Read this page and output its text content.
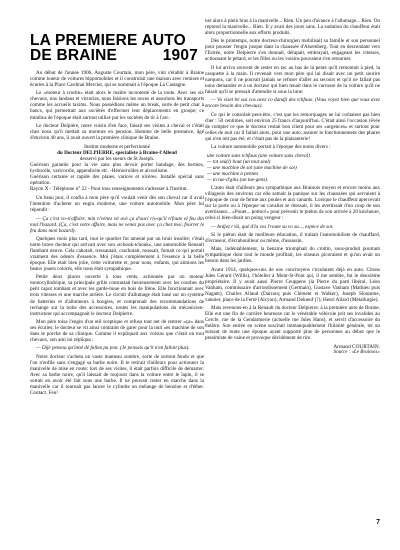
LA PREMIERE AUTO
DE BRAINE	1907

Au début de l'année 1906, Auguste Courtain, mon père, vint s'établir à Braine comme loueur de voitures hippomobiles et il construisit une maison avec remises et écuries à la Place Cardinal Mercier, qui se nommait à l'époque La Castagne.

Le «moteur à crottin» était alors le maître incontesté de la route. Avec ses six chevaux, nos landaus et victorias, nous faisions les noces et assurions les transports comme les accueils taxims. Nous possédions même un break, sorte de petit char à bancs, qui permettait aux sociétés d'effectuer leur déplacements en groupe; ce minibus de l'époque était surtout utilisé par les sociétés de tir à l'arc.

Le docteur Delpière, notre voisin d'en face, faisait ses visites à cheval et c'était chez nous qu'il mettait sa monture en pension. Homme de belle prestance, âgé d'environ 40 ans, il avait ouvert la première clinique de Braine.

Institut moderne et perfectionné
du Docteur DELPIERRE, spécialiste à Braine-l'Alleud
desservi par les soeurs de St Joseph.
Guérison garantie pour la vie sans plus devoir porter bandage, des hernies, hydrocèle, varicocèle, appendicite etc. -Hémorroïdes et alcoolisme.
Guérison certaine et rapide des plaies, varices et ulcères. Installé spécial sans opération.
Rayon X - Téléphone n° 22 - Pour tous renseignements s'adresser à l'Institut.

Un beau jour, il confia à mon père qu'il voulait venir dès son cheval car il avait l'intention d'acheter un engin moderne, une voiture automobile. Mon père lui répondit :

— Ça c'est vo-n'affaire, min n'vénez nè avè ça d'ouci ris-qu'il n'foute el feu din tout l'bazard. (Ça, c'est votre affaire, mais ne venez pas avec ça chez moi, fourrer le feu dans mon bazard).

Quelques mois plus tard, tout le quartier fut ameuté par un bruit insolite; c'était notre brave docteur qui arrivait avec son «tchouk-tchouk», une automobile Renault flambant neuve. Cela cahotait, tressautait, crachotait, toussait, fumait ce qui portait vraiment des odeurs d'essence. Moi j'étais complètement à l'essence à la belle époque. Elle était bien jolie, cette voiturette et, pour nous, enfants, qui aimions les beaux jouets colorés, elle nous était sympathique.

Petite deux places ouverte à tous vents, actionnée par un moteur monocylindrique, sa principale grille contrastait heureusement avec les courbes du petit capot tombant et avec les garde-boue en bois de frêne. Elle fonctionnait avec trois vitesses et une marche arrière. Le circuit d'allumage était basé sur un système de batteries et d'allumeurs à bougies, et comprenait des recommandations de rechange sur la boîte des accessoires, toutes les manipulations du mécanicien-instructeur qui accompagnait le docteur Delpierre.

Mon père toisa l'engin d'un œil sceptique et refusa tout net de rentrer «ça» dans ses écuries; le docteur se vit ainsi contraint de garer pour la nuit «es machine de son dans le porche de sa clinique. Comme il expliquait aux voisins que c'était un tout chevaux, son ami lui répliqua :

— Dijè pensou qu'inné dé falleu pu pon. (Je pensais qu'il n'en fallait plus).

Notre docteur s'acheta un vaste manteau sombre, sorte de surtout fendu et que l'on n'enfile sans s'engagé sa barbe noire. Il le retirait d'ailleurs pour actionner la manivelle de mise en route; lors de ses visites, il était parfois difficile de démarrer. Avec sa barbe noire, qu'il laissait de toujours dans la voiture entre le lapin, il se sortait en avoir été fait sous une barbe. Il ne pouvait rester en marche dans la manivelle car il tournait pas lancer le cylindre un mélange de benzine et d'éther. Contact. Feu!

ner alors à plein bras à la manivelle... Rien. Un peu d'avance à l'allumage... Rien. On reprend la manivelle... Rien. Il y avait des jours sans. La sudation du chauffeur était alors proportionnelle aux efforts produits.

Dès le printemps, notre docteur-chirurgien mobilisait sa famille et son personnel pour pousser l'engin jusque dans la chaussée d'Alsemberg. Tout en descendant vers l'Estrée, notre Delpierre s'en donnait, dérapait, embrayait, engageant les vitesses, actionnant le pétard, et les filles ou les voisins pouvaient s'en retourner.

Il lui arriva souvent de rester en rac au bas de la pente qu'il remontait à pied, la casquette à la main. Il revenait vers mon père qui lui disait avec un petit sourire narquois, car il ne pouvait jamais se refuser d'aller au secours et qu'il ne fallait pas nous demander et à un docteur qui bien tenait dans le carrosse de la voiture qu'il ne faisait qu'il se pressait d'attendre si sous la lune:

— Vo vizet bé oui vos avez co dandji des tchfaux. (Vous voyez bien que vous avez encore besoin des chevaux).

Ce qui le consolait peut-être, c'est que les remorquages ne lui coûtaient pas bien cher : 50 centimes, soit environ 25 francs d'aujourd'hui. C'était ainsi l'occasion rêvée de compter ce que le docteur restait bon client pour ses «urgences» et surtout pour celles de nuit car il fallait alors, pour une auto, assurer le fonctionnement des phares qui n'en ont pas été, et c'était pas de la plaisanterie!

La voiture automobile portait à l'époque des noms divers :

une voiture sans tchfaux (une voiture sans cheval)
— tot seù(l) bout (un tout seul)
— une machine dè sot (une machine de sot)
— une machine à pennes
— in tue-d'gins (un tue-gens).

L'auto était d'ailleurs peu sympathique aux Brainois moyen et encore moins aux villageois des environs car elle semait la panique sur les chaussées qui servaient à l'époque de cour de ferme aux poules et aux canards. Lorsque le chauffeur apercevait sur la porte ou à l'époque un cavalier se dressait, il les avertissait d'un coup de son avertisseur... «Pouet... pottoo!» pour prévenir le piéton de son arrivée à 20 km/heure, celui-ci bien-disait un poing vengeur :

— Ardjez r'éà, qué d'la vos l'route su vo su..., espèce de sot.

Si le piéton était de meilleure éducation, il traitait l'automobiliste de chauffard, d'écraseur, d'écrabouilleur ou même, d'assassin.

Mais, indéniablement, la benzine triomphait du crottin, sous-produit pourtant sympathique dont tout le monde profitait, les oiseaux picoraient et qu'on avait un besoin dans les jardins.

Avant 1914, quelques-uns de nos concitoyens circulaient déjà en auto. Citons Jules Gérard (Willis), l'hôtelier à Mont-St-Pont qui, il me semble, fut le deuxième propriétaire. Il y avait aussi Pierre Ceuppens (la Pierre du parti libéral, Léon Vanham, commissaire d'arrondissement (Germain), Gustave Vanham (Mathieu puis Nagant), Charles Allaud (Darracq puis Clément et Walker), Joseph Sloumme, vannier, place de la Ferté (Alcyon), Armand Delneuf (?), Henri Allard (Métallurgie).

Mais revenons-en à la Renault du docteur Delpierre, à la première auto de Braine. Elle eut une fin de carrière heureuse car le vénérable véhicule prit ses invalides au Cercle, rue de la Gendarmerie (actuelle rue Jules Hans), et servit d'accessoire du théâtre. Son entrée en scène suscitait immanquablement l'hilarité générale, tel un sursaut de toute une époque ayant supporté plus de personnes au début que le pessimiste de vaine et provoque décidément de rire.

Armand COURTAIN.
Source : «Le Brainois»
7
